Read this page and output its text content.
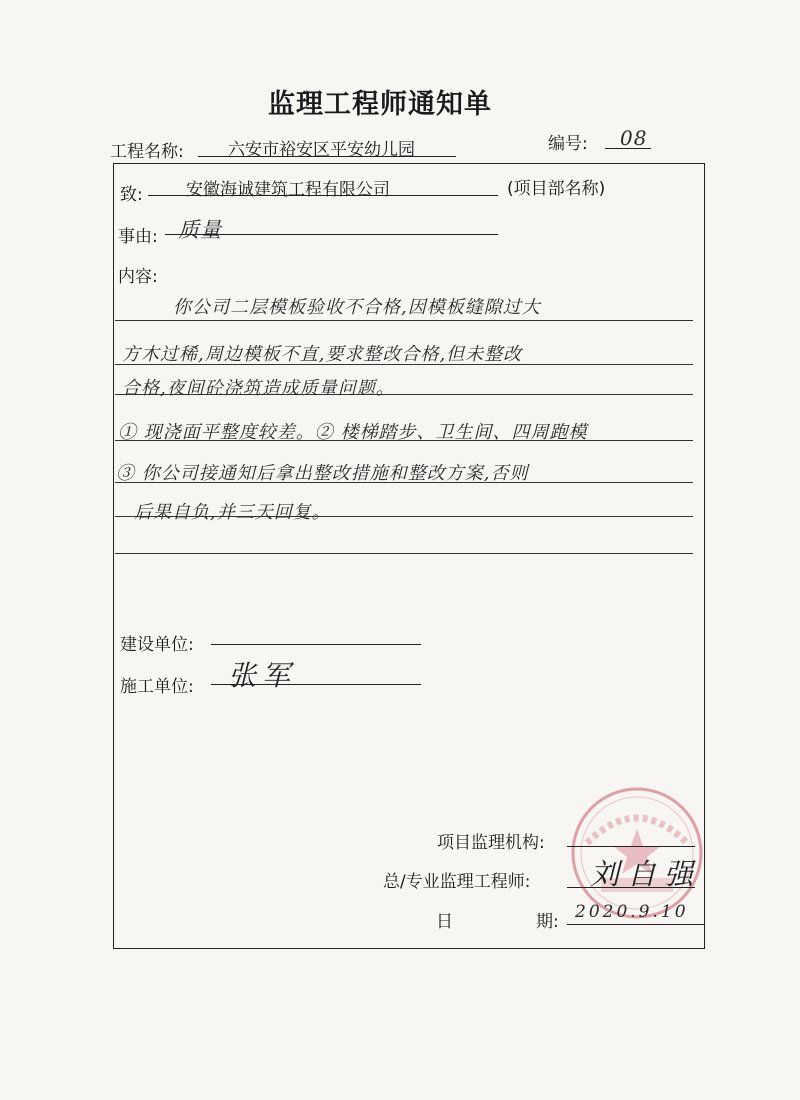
监理工程师通知单
工程名称:	六安市裕安区平安幼儿园	编号: 08
致:	安徽海诚建筑工程有限公司	(项目部名称)
事由: 质量
内容:
你公司二层模板验收不合格,因模板缝隙过大
方木过稀,周边模板不直,要求整改合格,但未整改
合格,夜间砼浇筑造成质量问题。
① 现浇面平整度较差。② 楼梯踏步、卫生间、四周跑模
③ 你公司接通知后拿出整改措施和整改方案,否则
后果自负,并三天回复。
建设单位:
施工单位: 张军
项目监理机构:
总/专业监理工程师: 刘自强
日	期: 2020.9.10
